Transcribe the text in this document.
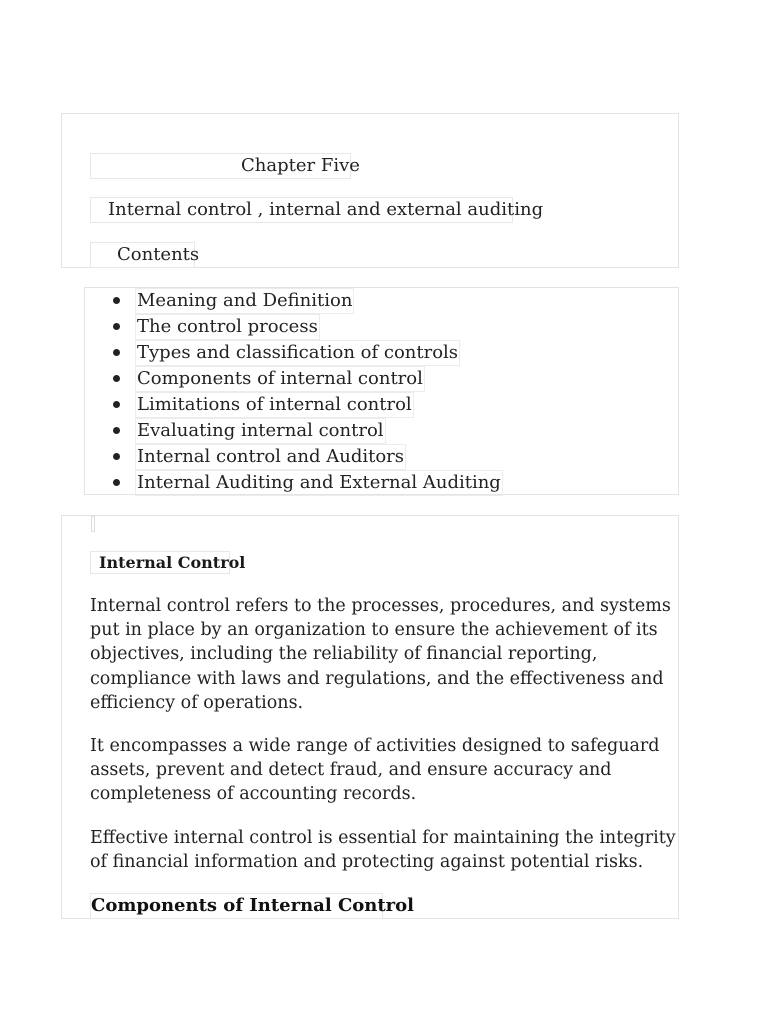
Chapter Five
Internal control , internal and external auditing
Contents
Meaning and Definition
The control process
Types and classification of controls
Components of internal control
Limitations of internal control
Evaluating internal control
Internal control and Auditors
Internal Auditing and External Auditing
Internal Control

Internal control refers to the processes, procedures, and systems put in place by an organization to ensure the achievement of its objectives, including the reliability of financial reporting, compliance with laws and regulations, and the effectiveness and efficiency of operations.

It encompasses a wide range of activities designed to safeguard assets, prevent and detect fraud, and ensure accuracy and completeness of accounting records.

Effective internal control is essential for maintaining the integrity of financial information and protecting against potential risks.

Components of Internal Control
